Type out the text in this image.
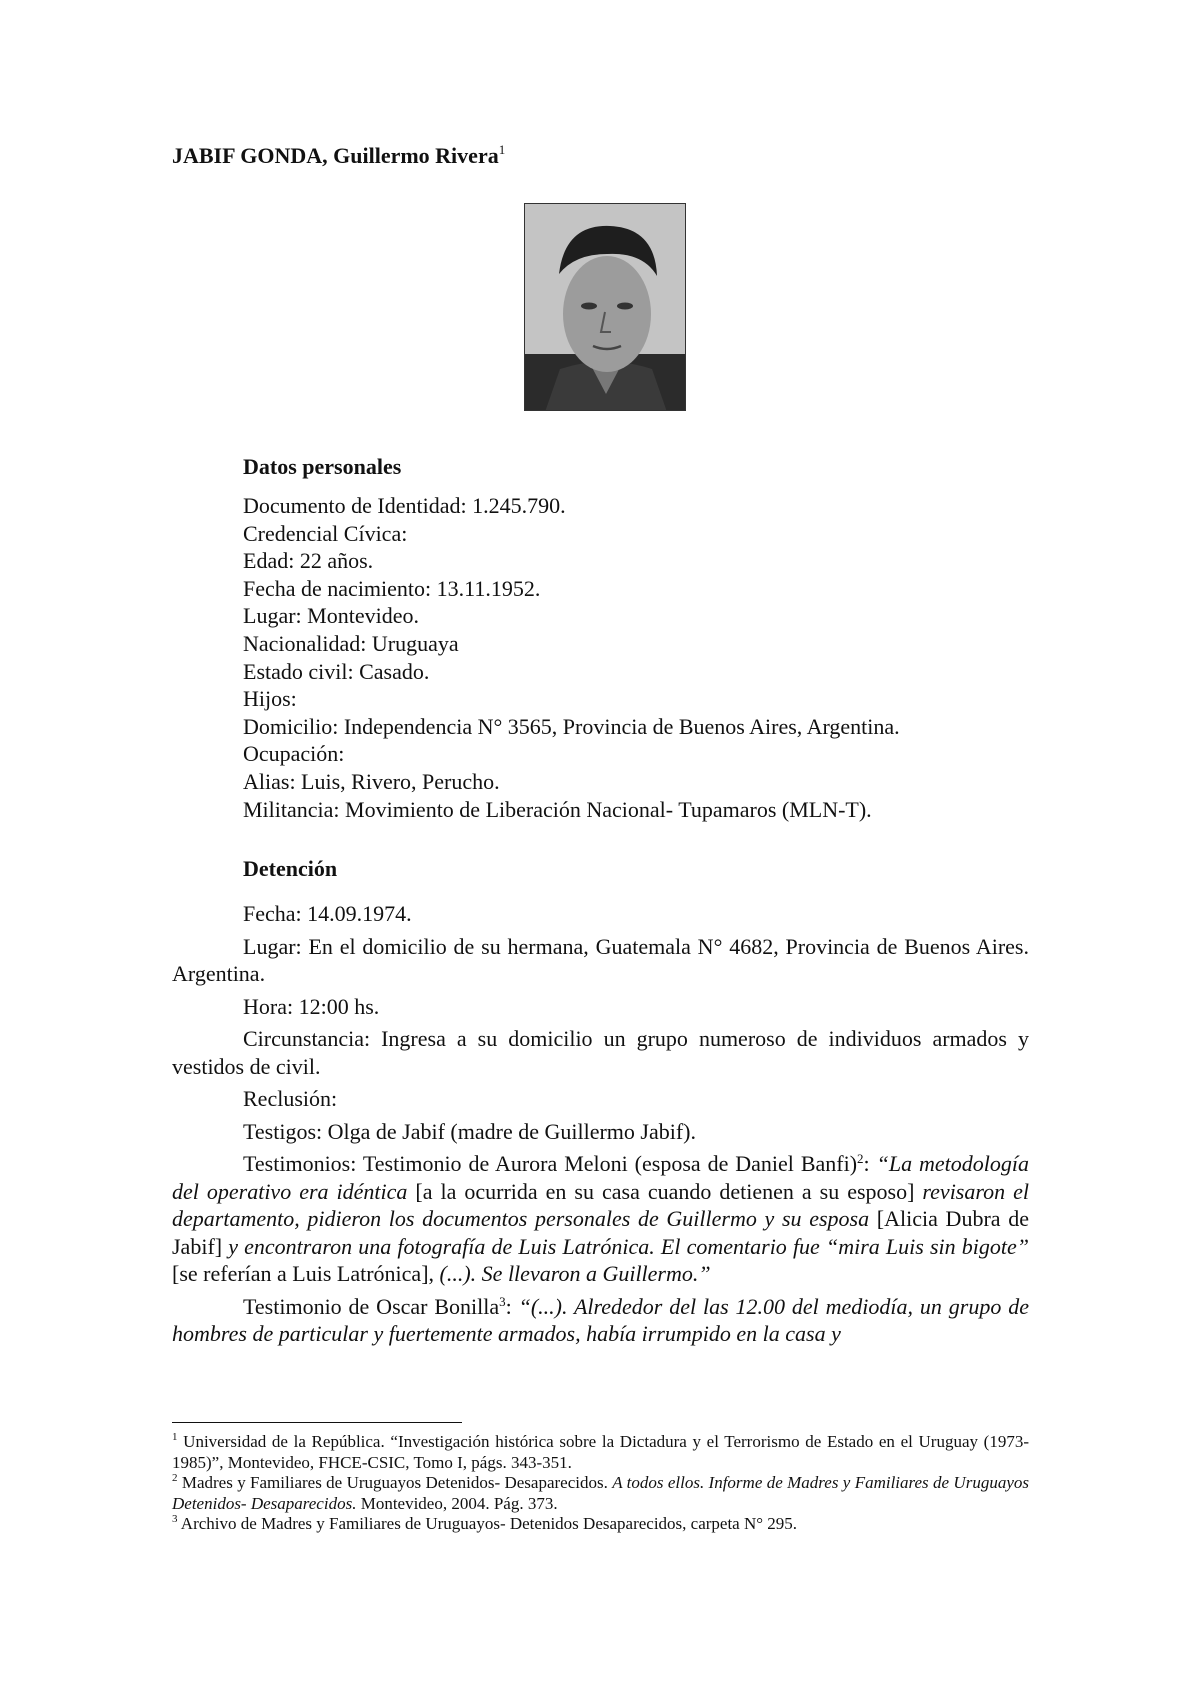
JABIF GONDA, Guillermo Rivera$^1$
Datos personales
Documento de Identidad: 1.245.790.
Credencial Cívica:
Edad: 22 años.
Fecha de nacimiento: 13.11.1952.
Lugar: Montevideo.
Nacionalidad: Uruguaya
Estado civil: Casado.
Hijos:
Domicilio: Independencia N° 3565, Provincia de Buenos Aires, Argentina.
Ocupación:
Alias: Luis, Rivero, Perucho.
Militancia: Movimiento de Liberación Nacional- Tupamaros (MLN-T).
Detención

Fecha: 14.09.1974.

Lugar: En el domicilio de su hermana, Guatemala N° 4682, Provincia de Buenos Aires. Argentina.

Hora: 12:00 hs.

Circunstancia: Ingresa a su domicilio un grupo numeroso de individuos armados y vestidos de civil.

Reclusión:

Testigos: Olga de Jabif (madre de Guillermo Jabif).

Testimonios: Testimonio de Aurora Meloni (esposa de Daniel Banfi)$^2$: “La metodología del operativo era idéntica [a la ocurrida en su casa cuando detienen a su esposo] revisaron el departamento, pidieron los documentos personales de Guillermo y su esposa [Alicia Dubra de Jabif] y encontraron una fotografía de Luis Latrónica. El comentario fue “mira Luis sin bigote” [se referían a Luis Latrónica], (...). Se llevaron a Guillermo.”

Testimonio de Oscar Bonilla$^3$: “(...). Alrededor del las 12.00 del mediodía, un grupo de hombres de particular y fuertemente armados, había irrumpido en la casa y

$^1$ Universidad de la República. “Investigación histórica sobre la Dictadura y el Terrorismo de Estado en el Uruguay (1973-1985)”, Montevideo, FHCE-CSIC, Tomo I, págs. 343-351.

$^2$ Madres y Familiares de Uruguayos Detenidos- Desaparecidos. A todos ellos. Informe de Madres y Familiares de Uruguayos Detenidos- Desaparecidos. Montevideo, 2004. Pág. 373.

$^3$ Archivo de Madres y Familiares de Uruguayos- Detenidos Desaparecidos, carpeta N° 295.
